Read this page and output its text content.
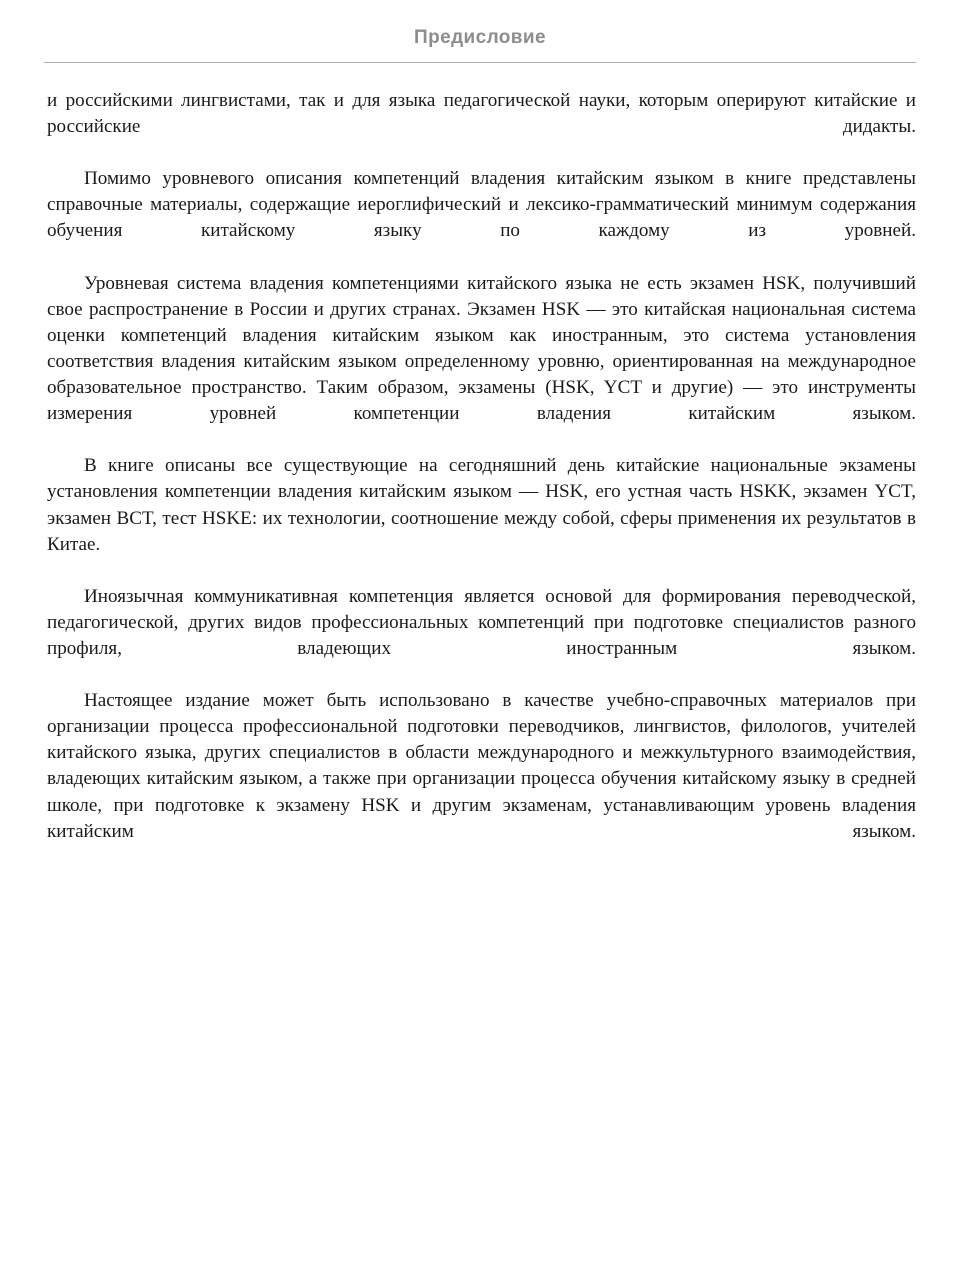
Предисловие

и российскими лингвистами, так и для языка педагогической науки, которым оперируют китайские и российские дидакты.

Помимо уровневого описания компетенций владения китайским языком в книге представлены справочные материалы, содержащие иероглифический и лексико-грамматический минимум содержания обучения китайскому языку по каждому из уровней.

Уровневая система владения компетенциями китайского языка не есть экзамен HSK, получивший свое распространение в России и других странах. Экзамен HSK — это китайская национальная система оценки компетенций владения китайским языком как иностранным, это система установления соответствия владения китайским языком определенному уровню, ориентированная на международное образовательное пространство. Таким образом, экзамены (HSK, YCT и другие) — это инструменты измерения уровней компетенции владения китайским языком.

В книге описаны все существующие на сегодняшний день китайские национальные экзамены установления компетенции владения китайским языком — HSK, его устная часть HSKK, экзамен YCT, экзамен BCT, тест HSKE: их технологии, соотношение между собой, сферы применения их результатов в Китае.

Иноязычная коммуникативная компетенция является основой для формирования переводческой, педагогической, других видов профессиональных компетенций при подготовке специалистов разного профиля, владеющих иностранным языком.

Настоящее издание может быть использовано в качестве учебно-справочных материалов при организации процесса профессиональной подготовки переводчиков, лингвистов, филологов, учителей китайского языка, других специалистов в области международного и межкультурного взаимодействия, владеющих китайским языком, а также при организации процесса обучения китайскому языку в средней школе, при подготовке к экзамену HSK и другим экзаменам, устанавливающим уровень владения китайским языком.
